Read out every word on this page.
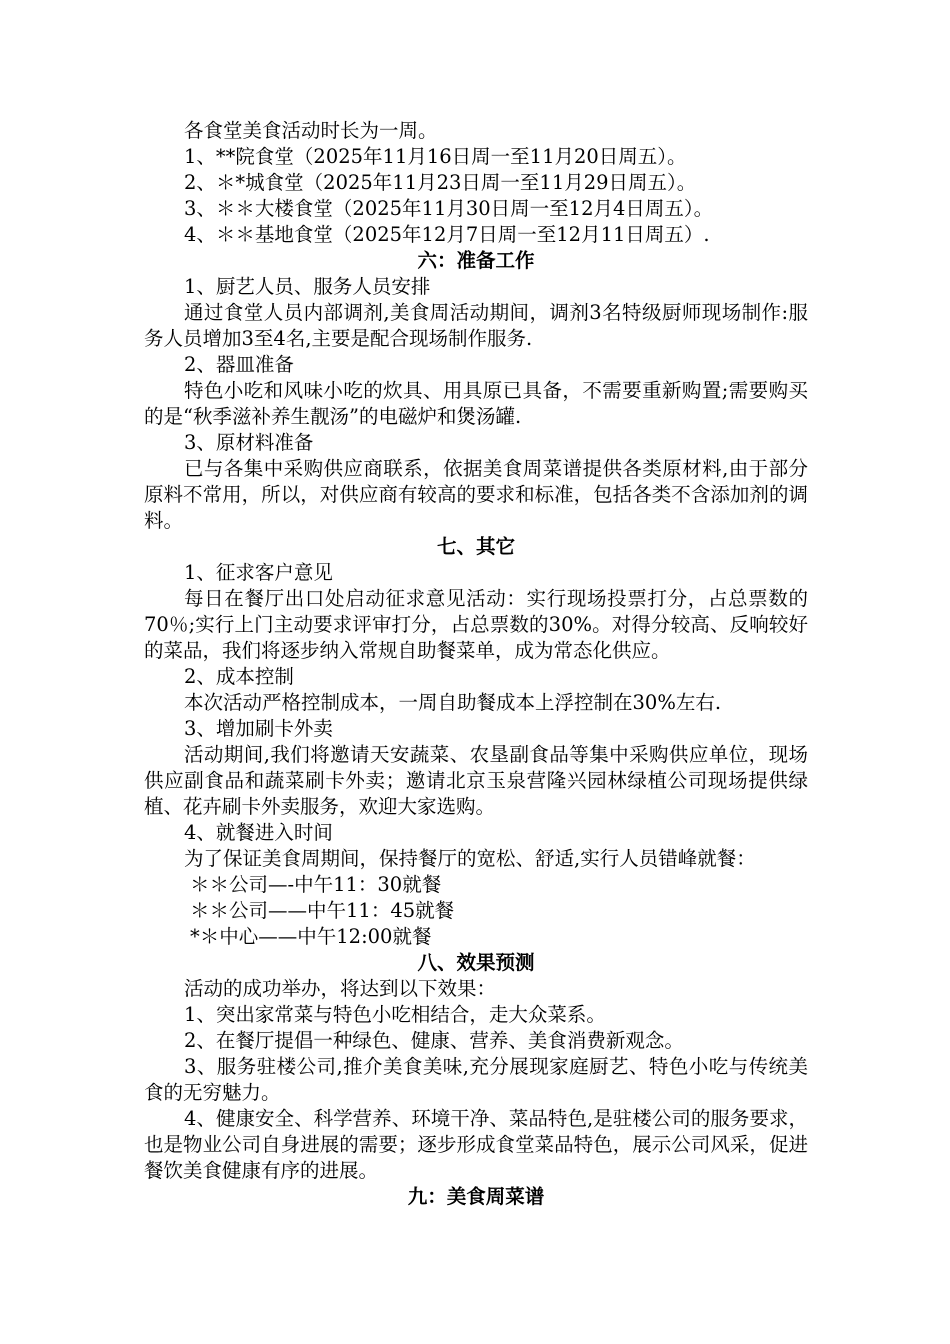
各食堂美食活动时长为一周。
1、**院食堂（2025年11月16日周一至11月20日周五）。
2、＊*城食堂（2025年11月23日周一至11月29日周五）。
3、＊＊大楼食堂（2025年11月30日周一至12月4日周五）。
4、＊＊基地食堂（2025年12月7日周一至12月11日周五）.
六：准备工作
1、厨艺人员、服务人员安排
通过食堂人员内部调剂,美食周活动期间，调剂3名特级厨师现场制作:服务人员增加3至4名,主要是配合现场制作服务.
2、器皿准备
特色小吃和风味小吃的炊具、用具原已具备，不需要重新购置;需要购买的是“秋季滋补养生靓汤”的电磁炉和煲汤罐.
3、原材料准备
已与各集中采购供应商联系，依据美食周菜谱提供各类原材料,由于部分原料不常用，所以，对供应商有较高的要求和标准，包括各类不含添加剂的调料。
七、其它
1、征求客户意见
每日在餐厅出口处启动征求意见活动：实行现场投票打分，占总票数的70％;实行上门主动要求评审打分，占总票数的30%。对得分较高、反响较好的菜品，我们将逐步纳入常规自助餐菜单，成为常态化供应。
2、成本控制
本次活动严格控制成本，一周自助餐成本上浮控制在30%左右.
3、增加刷卡外卖
活动期间,我们将邀请天安蔬菜、农垦副食品等集中采购供应单位，现场供应副食品和蔬菜刷卡外卖；邀请北京玉泉营隆兴园林绿植公司现场提供绿植、花卉刷卡外卖服务，欢迎大家选购。
4、就餐进入时间
为了保证美食周期间，保持餐厅的宽松、舒适,实行人员错峰就餐：
＊＊公司—-中午11：30就餐
＊＊公司——中午11：45就餐
*＊中心——中午12:00就餐
八、效果预测
活动的成功举办，将达到以下效果：
1、突出家常菜与特色小吃相结合，走大众菜系。
2、在餐厅提倡一种绿色、健康、营养、美食消费新观念。
3、服务驻楼公司,推介美食美味,充分展现家庭厨艺、特色小吃与传统美食的无穷魅力。
4、健康安全、科学营养、环境干净、菜品特色,是驻楼公司的服务要求，也是物业公司自身进展的需要；逐步形成食堂菜品特色，展示公司风采，促进餐饮美食健康有序的进展。
九：美食周菜谱
